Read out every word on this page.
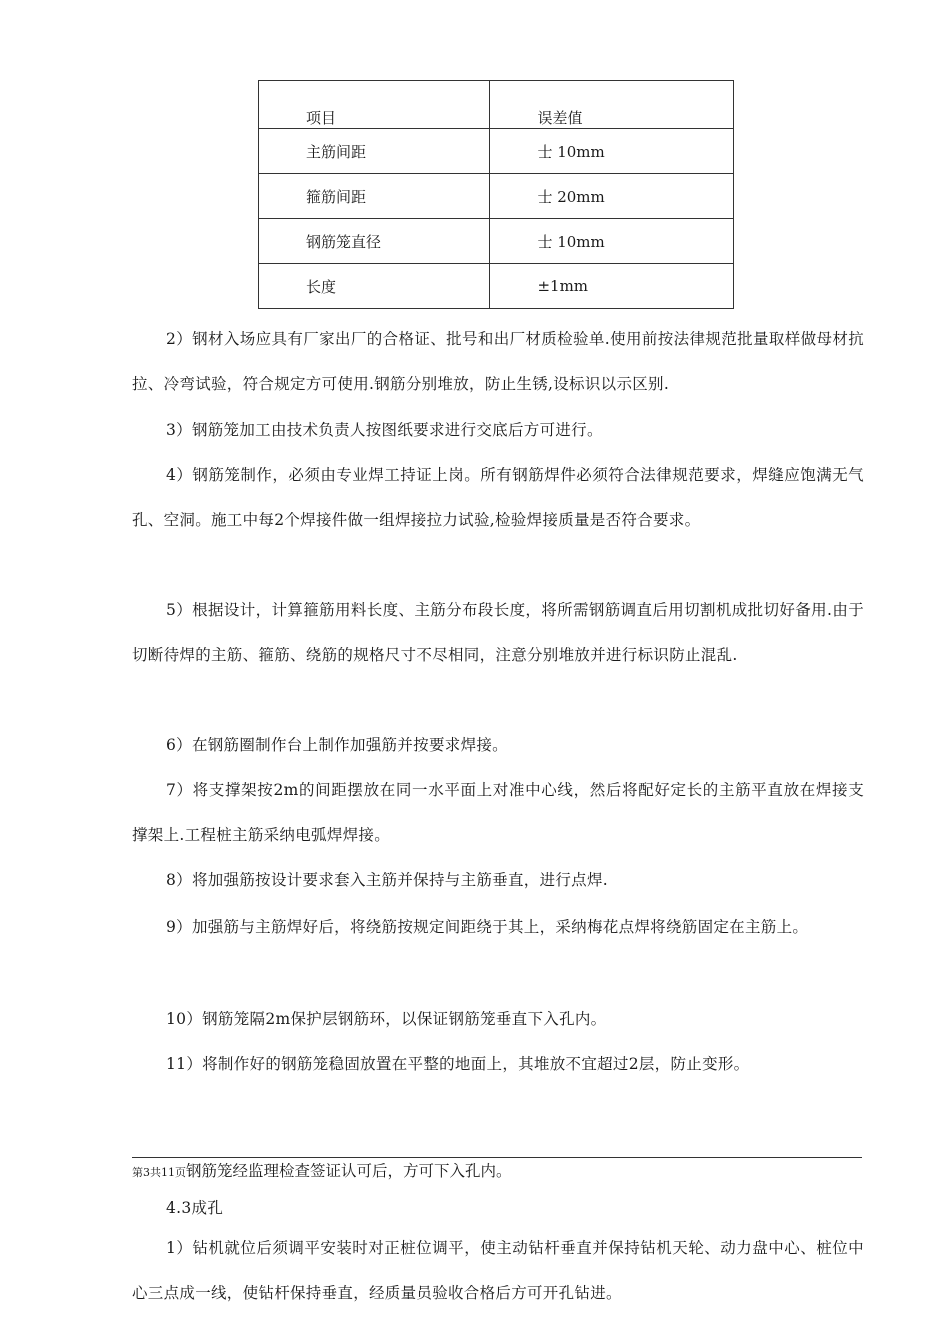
项目	误差值
主筋间距	士 10mm
箍筋间距	士 20mm
钢筋笼直径	士 10mm
长度	±1mm

2）钢材入场应具有厂家出厂的合格证、批号和出厂材质检验单.使用前按法律规范批量取样做母材抗拉、冷弯试验，符合规定方可使用.钢筋分别堆放，防止生锈,设标识以示区别.

3）钢筋笼加工由技术负责人按图纸要求进行交底后方可进行。

4）钢筋笼制作，必须由专业焊工持证上岗。所有钢筋焊件必须符合法律规范要求，焊缝应饱满无气孔、空洞。施工中每2个焊接件做一组焊接拉力试验,检验焊接质量是否符合要求。

5）根据设计，计算箍筋用料长度、主筋分布段长度，将所需钢筋调直后用切割机成批切好备用.由于切断待焊的主筋、箍筋、绕筋的规格尺寸不尽相同，注意分别堆放并进行标识防止混乱.

6）在钢筋圈制作台上制作加强筋并按要求焊接。

7）将支撑架按2m的间距摆放在同一水平面上对准中心线，然后将配好定长的主筋平直放在焊接支撑架上.工程桩主筋采纳电弧焊焊接。

8）将加强筋按设计要求套入主筋并保持与主筋垂直，进行点焊.

9）加强筋与主筋焊好后，将绕筋按规定间距绕于其上，采纳梅花点焊将绕筋固定在主筋上。

10）钢筋笼隔2m保护层钢筋环，以保证钢筋笼垂直下入孔内。

11）将制作好的钢筋笼稳固放置在平整的地面上，其堆放不宜超过2层，防止变形。

第3共11页钢筋笼经监理检查签证认可后，方可下入孔内。

4.3成孔

1）钻机就位后须调平安装时对正桩位调平，使主动钻杆垂直并保持钻机天轮、动力盘中心、桩位中心三点成一线，使钻杆保持垂直，经质量员验收合格后方可开孔钻进。
